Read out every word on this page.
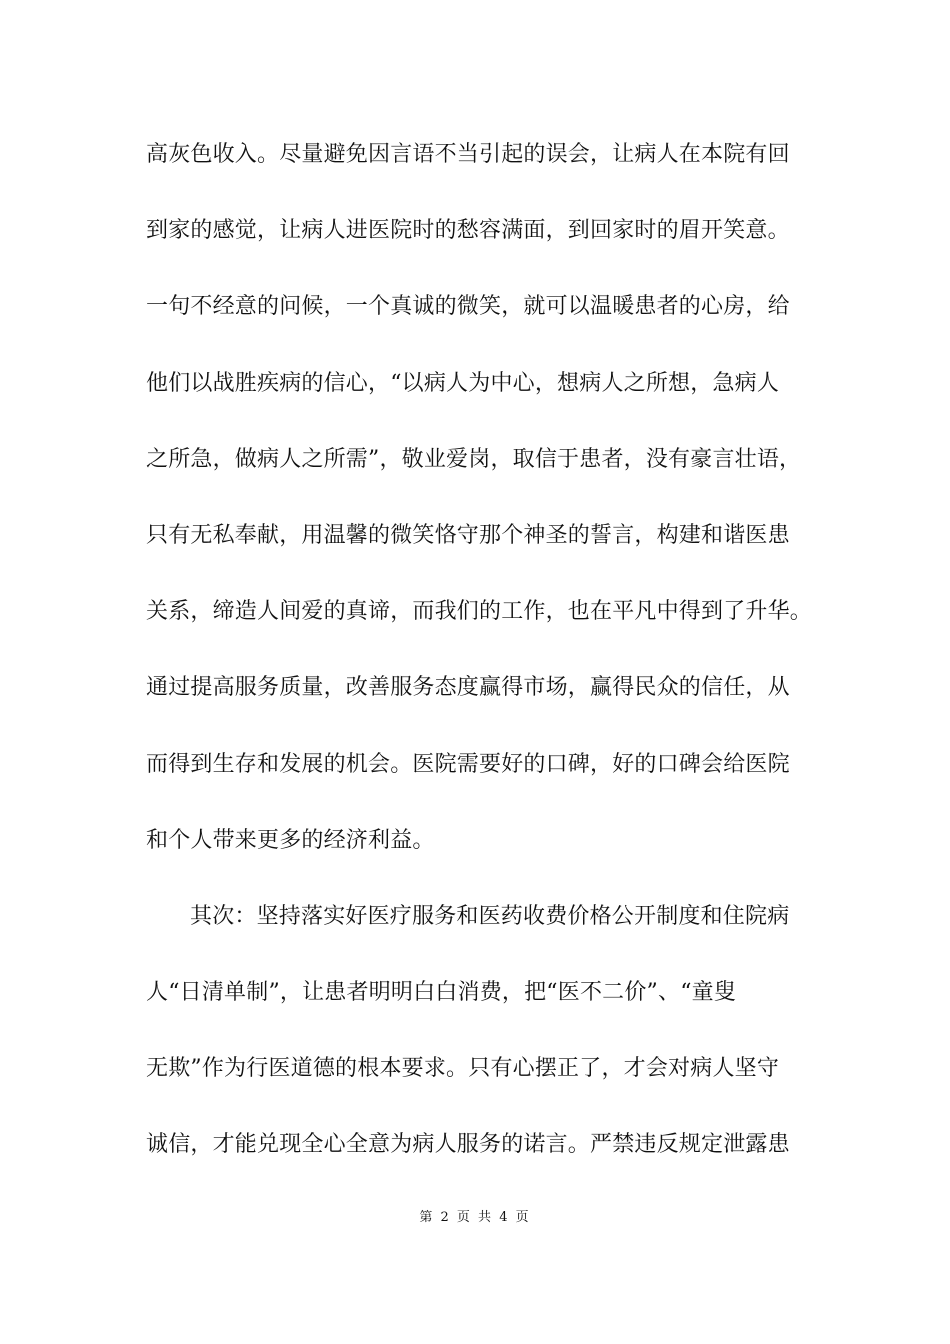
高灰色收入。尽量避免因言语不当引起的误会，让病人在本院有回
到家的感觉，让病人进医院时的愁容满面，到回家时的眉开笑意。
一句不经意的问候，一个真诚的微笑，就可以温暖患者的心房，给
他们以战胜疾病的信心，“以病人为中心，想病人之所想，急病人
之所急，做病人之所需”，敬业爱岗，取信于患者，没有豪言壮语，
只有无私奉献，用温馨的微笑恪守那个神圣的誓言，构建和谐医患
关系，缔造人间爱的真谛，而我们的工作，也在平凡中得到了升华。
通过提高服务质量，改善服务态度赢得市场，赢得民众的信任，从
而得到生存和发展的机会。医院需要好的口碑，好的口碑会给医院
和个人带来更多的经济利益。
其次：坚持落实好医疗服务和医药收费价格公开制度和住院病
人“日清单制”，让患者明明白白消费，把“医不二价”、“童叟
无欺”作为行医道德的根本要求。只有心摆正了，才会对病人坚守
诚信，才能兑现全心全意为病人服务的诺言。严禁违反规定泄露患
第 2 页 共 4 页
